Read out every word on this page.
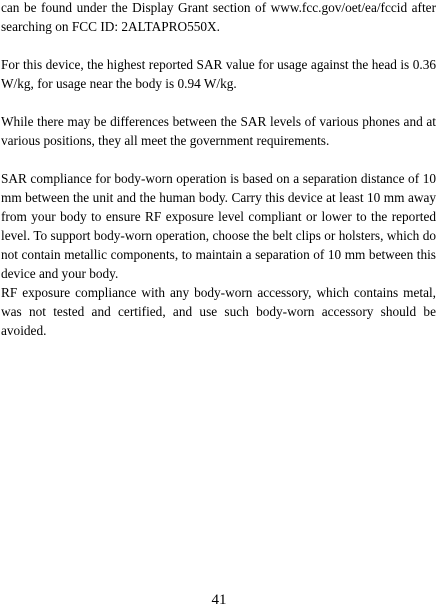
can be found under the Display Grant section of www.fcc.gov/oet/ea/fccid after searching on FCC ID: 2ALTAPRO550X.

For this device, the highest reported SAR value for usage against the head is 0.36 W/kg, for usage near the body is 0.94 W/kg.

While there may be differences between the SAR levels of various phones and at various positions, they all meet the government requirements.

SAR compliance for body-worn operation is based on a separation distance of 10 mm between the unit and the human body. Carry this device at least 10 mm away from your body to ensure RF exposure level compliant or lower to the reported level. To support body-worn operation, choose the belt clips or holsters, which do not contain metallic components, to maintain a separation of 10 mm between this device and your body.

RF exposure compliance with any body-worn accessory, which contains metal, was not tested and certified, and use such body-worn accessory should be avoided.

41
